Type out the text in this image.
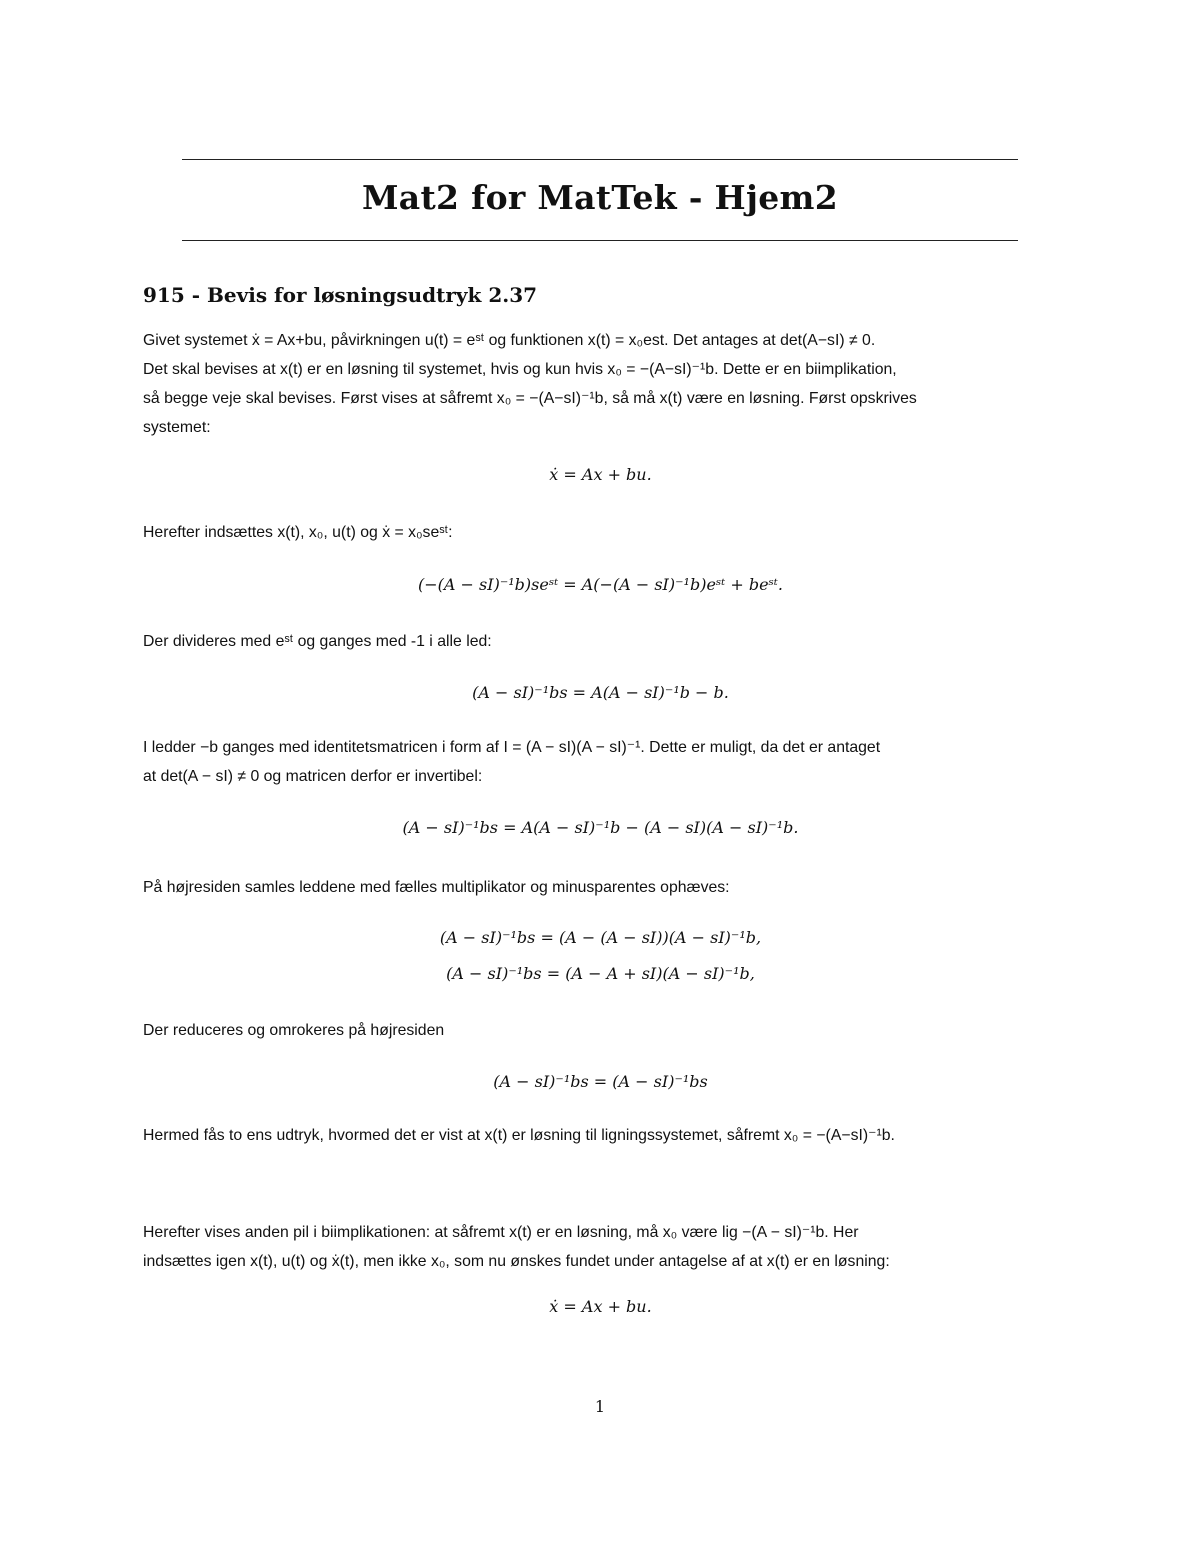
Mat2 for MatTek - Hjem2
915 - Bevis for løsningsudtryk 2.37
Givet systemet ẋ = Ax+bu, påvirkningen u(t) = eˢᵗ og funktionen x(t) = x₀est. Det antages at det(A−sI) ≠ 0.
Det skal bevises at x(t) er en løsning til systemet, hvis og kun hvis x₀ = −(A−sI)⁻¹b. Dette er en biimplikation,
så begge veje skal bevises. Først vises at såfremt x₀ = −(A−sI)⁻¹b, så må x(t) være en løsning. Først opskrives
systemet:
ẋ = Ax + bu.
Herefter indsættes x(t), x₀, u(t) og ẋ = x₀seˢᵗ:
(−(A − sI)⁻¹b)seˢᵗ = A(−(A − sI)⁻¹b)eˢᵗ + beˢᵗ.
Der divideres med eˢᵗ og ganges med -1 i alle led:
(A − sI)⁻¹bs = A(A − sI)⁻¹b − b.
I ledder −b ganges med identitetsmatricen i form af I = (A − sI)(A − sI)⁻¹. Dette er muligt, da det er antaget
at det(A − sI) ≠ 0 og matricen derfor er invertibel:
(A − sI)⁻¹bs = A(A − sI)⁻¹b − (A − sI)(A − sI)⁻¹b.
På højresiden samles leddene med fælles multiplikator og minusparentes ophæves:
(A − sI)⁻¹bs = (A − (A − sI))(A − sI)⁻¹b,
(A − sI)⁻¹bs = (A − A + sI)(A − sI)⁻¹b,
Der reduceres og omrokeres på højresiden
(A − sI)⁻¹bs = (A − sI)⁻¹bs
Hermed fås to ens udtryk, hvormed det er vist at x(t) er løsning til ligningssystemet, såfremt x₀ = −(A−sI)⁻¹b.
Herefter vises anden pil i biimplikationen: at såfremt x(t) er en løsning, må x₀ være lig −(A − sI)⁻¹b. Her
indsættes igen x(t), u(t) og ẋ(t), men ikke x₀, som nu ønskes fundet under antagelse af at x(t) er en løsning:
ẋ = Ax + bu.
1
